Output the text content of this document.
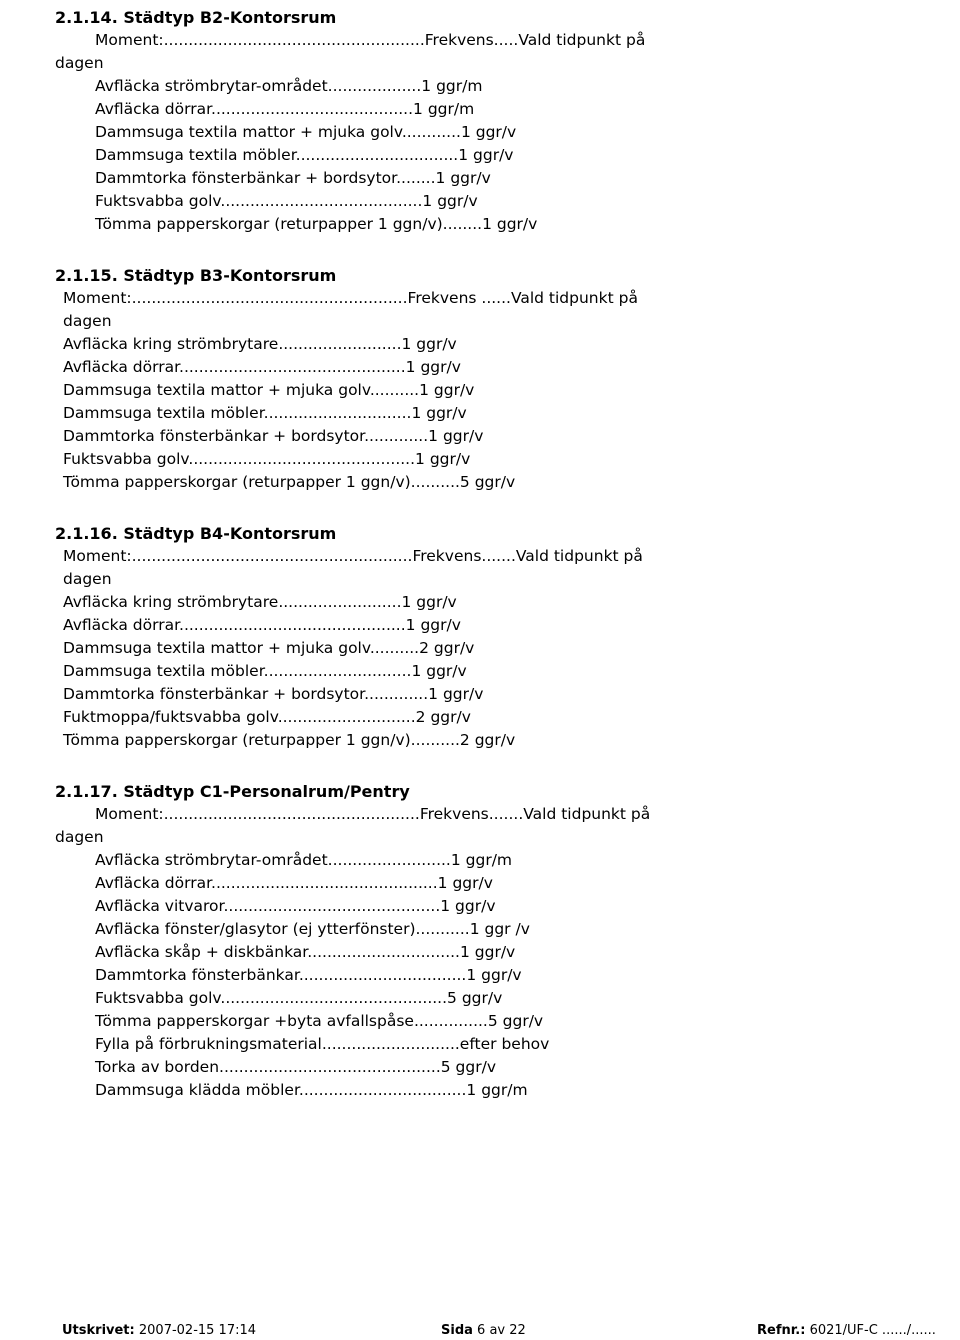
2.1.14. Städtyp B2-Kontorsrum
Moment:.....................................................Frekvens.....Vald tidpunkt på
dagen
Avfläcka strömbrytar-området...................1 ggr/m
Avfläcka dörrar.........................................1 ggr/m
Dammsuga textila mattor + mjuka golv............1 ggr/v
Dammsuga textila möbler.................................1 ggr/v
Dammtorka fönsterbänkar + bordsytor........1 ggr/v
Fuktsvabba golv.........................................1 ggr/v
Tömma papperskorgar (returpapper 1 ggn/v)........1 ggr/v
2.1.15. Städtyp B3-Kontorsrum
Moment:........................................................Frekvens ......Vald tidpunkt på
dagen
Avfläcka kring strömbrytare.........................1 ggr/v
Avfläcka dörrar..............................................1 ggr/v
Dammsuga textila mattor + mjuka golv..........1 ggr/v
Dammsuga textila möbler..............................1 ggr/v
Dammtorka fönsterbänkar + bordsytor.............1 ggr/v
Fuktsvabba golv..............................................1 ggr/v
Tömma papperskorgar (returpapper 1 ggn/v)..........5 ggr/v
2.1.16. Städtyp B4-Kontorsrum
Moment:.........................................................Frekvens.......Vald tidpunkt på
dagen
Avfläcka kring strömbrytare.........................1 ggr/v
Avfläcka dörrar..............................................1 ggr/v
Dammsuga textila mattor + mjuka golv..........2 ggr/v
Dammsuga textila möbler..............................1 ggr/v
Dammtorka fönsterbänkar + bordsytor.............1 ggr/v
Fuktmoppa/fuktsvabba golv............................2 ggr/v
Tömma papperskorgar (returpapper 1 ggn/v)..........2 ggr/v
2.1.17. Städtyp C1-Personalrum/Pentry
Moment:....................................................Frekvens.......Vald tidpunkt på
dagen
Avfläcka strömbrytar-området.........................1 ggr/m
Avfläcka dörrar..............................................1 ggr/v
Avfläcka vitvaror............................................1 ggr/v
Avfläcka fönster/glasytor (ej ytterfönster)...........1 ggr /v
Avfläcka skåp + diskbänkar...............................1 ggr/v
Dammtorka fönsterbänkar..................................1 ggr/v
Fuktsvabba golv..............................................5 ggr/v
Tömma papperskorgar +byta avfallspåse...............5 ggr/v
Fylla på förbrukningsmaterial............................efter behov
Torka av borden.............................................5 ggr/v
Dammsuga klädda möbler..................................1 ggr/m
Utskrivet: 2007-02-15 17:14	Sida 6 av 22	Refnr.: 6021/UF-C ....../......
